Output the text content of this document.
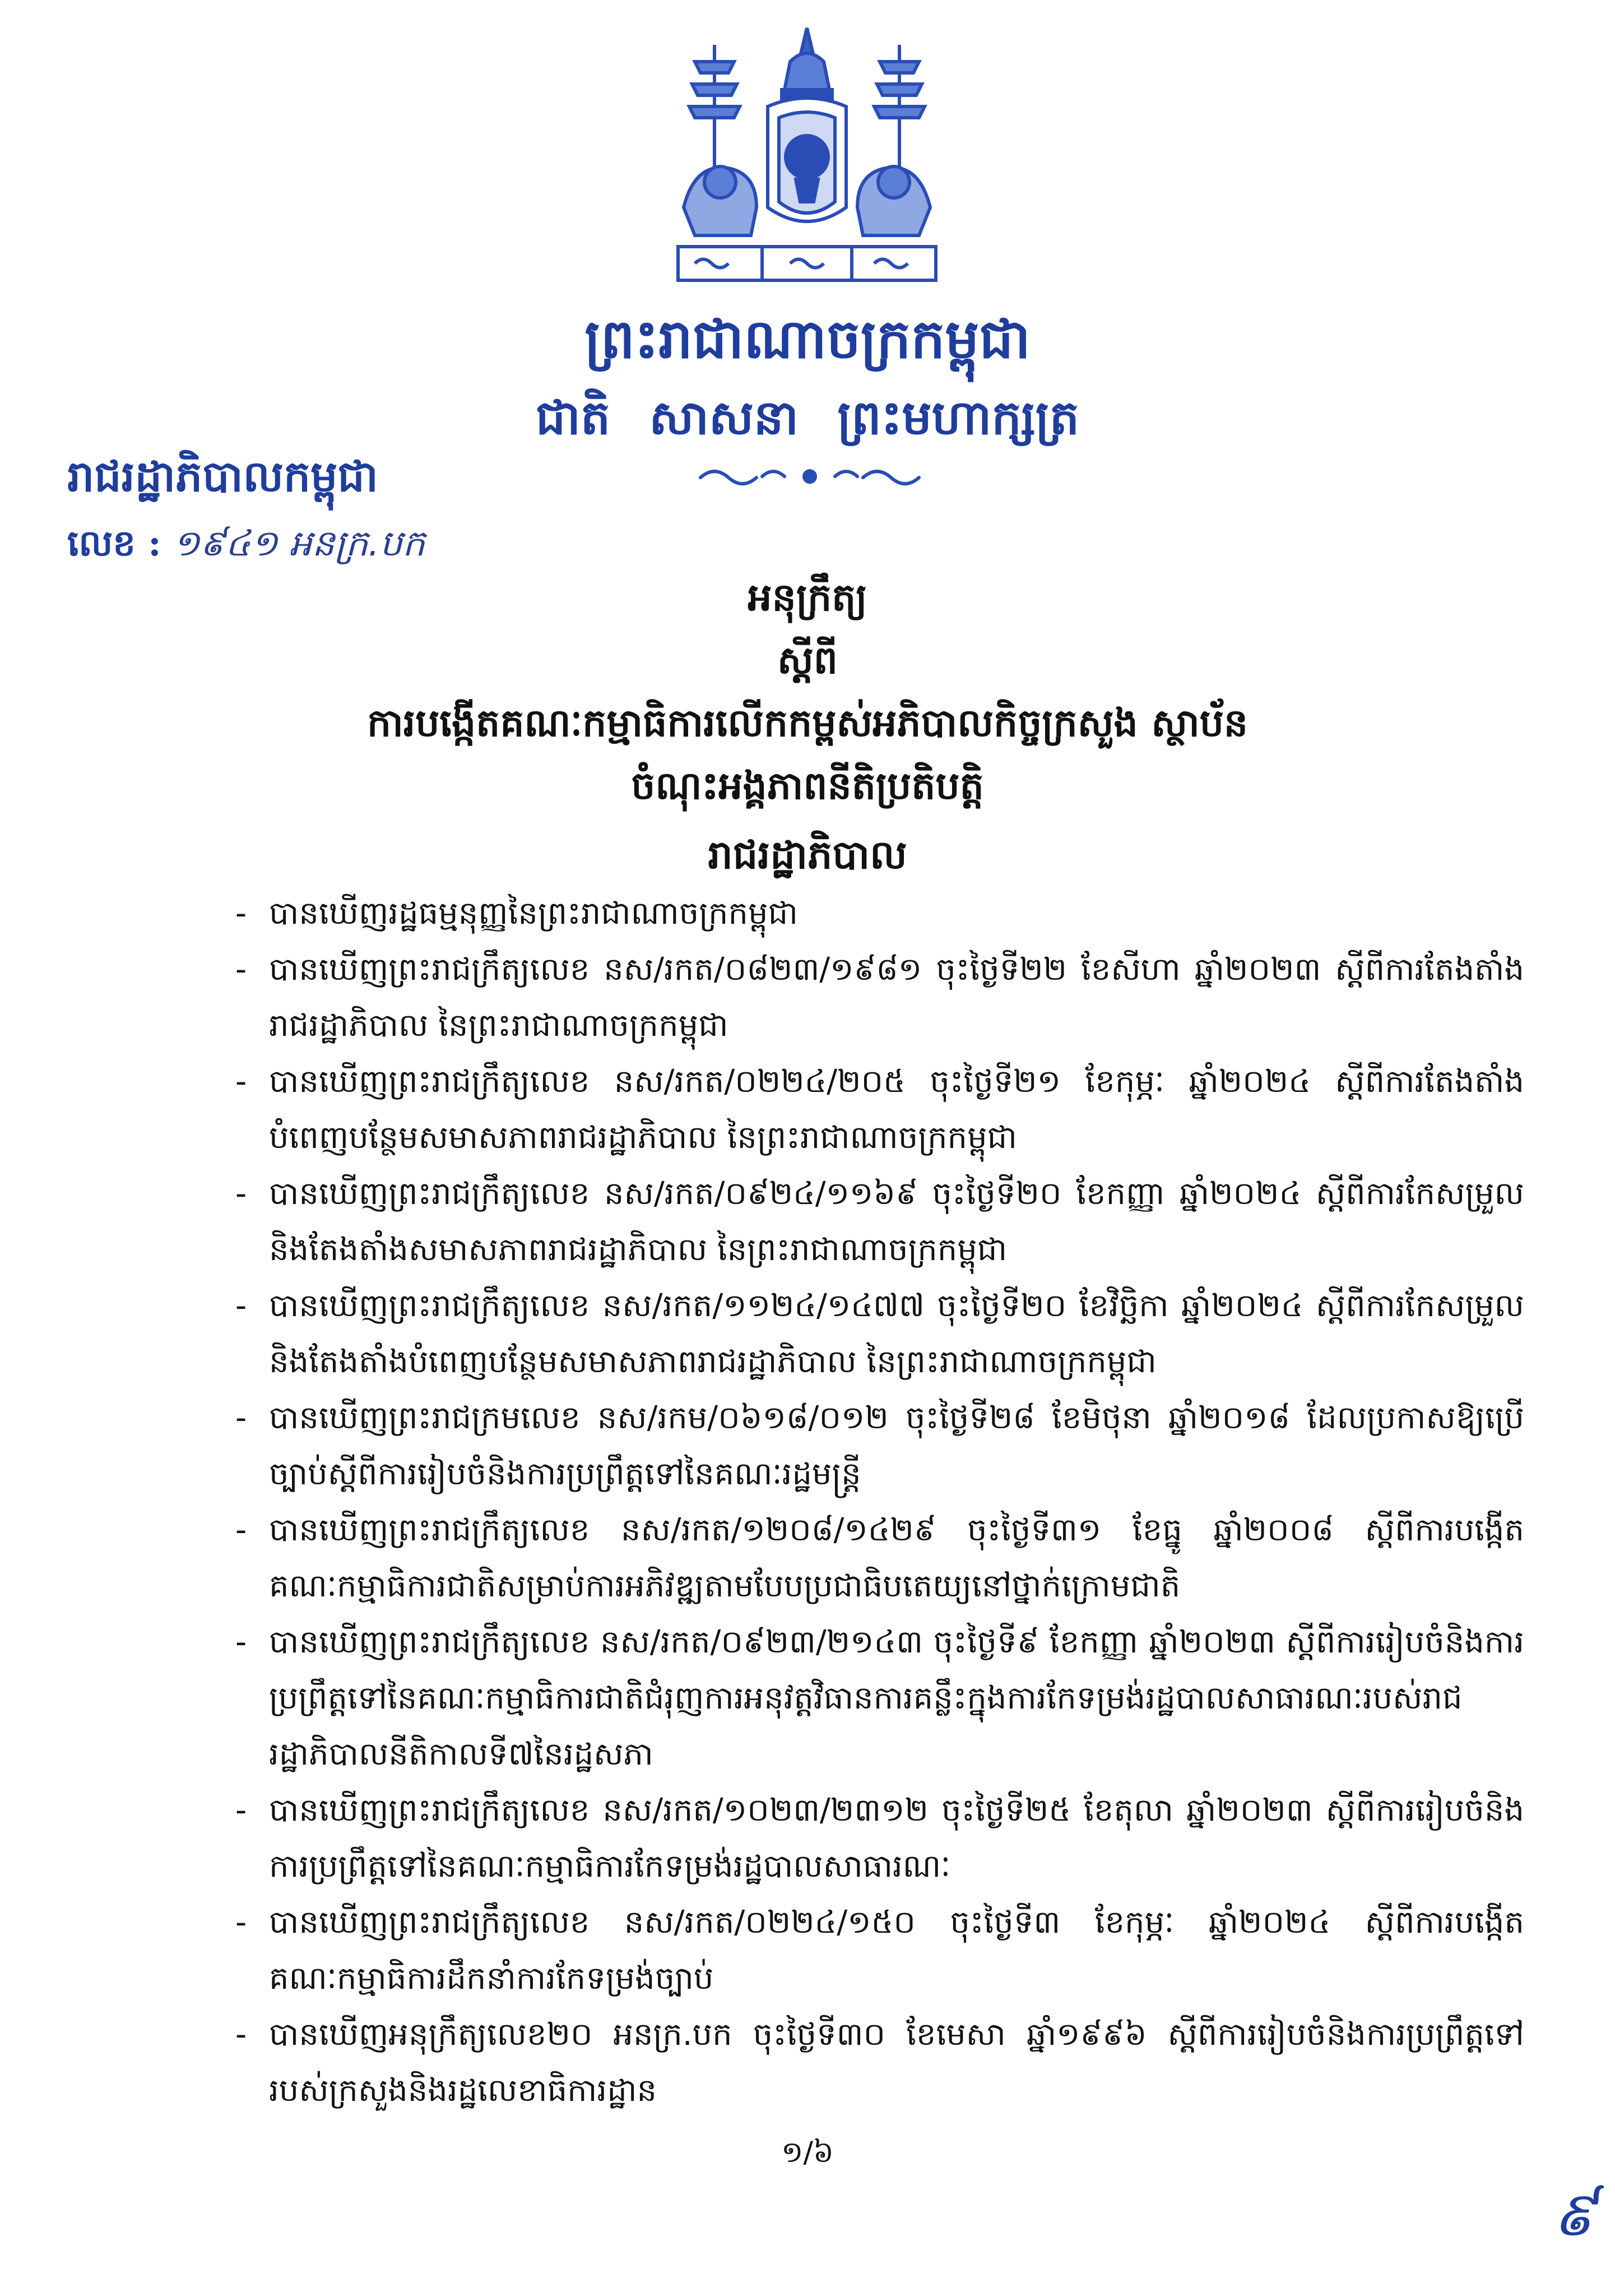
ព្រះរាជាណាចក្រកម្ពុជា
ជាតិ សាសនា ព្រះមហាក្សត្រ
រាជរដ្ឋាភិបាលកម្ពុជា
លេខ : ១៩៤១ អនក្រ.បក
អនុក្រឹត្យ
ស្តីពី
ការបង្កើតគណៈកម្មាធិការលើកកម្ពស់អភិបាលកិច្ចក្រសួង ស្ថាប័ន
ចំណុះអង្គភាពនីតិប្រតិបត្តិ
រាជរដ្ឋាភិបាល
- បានឃើញរដ្ឋធម្មនុញ្ញនៃព្រះរាជាណាចក្រកម្ពុជា
- បានឃើញព្រះរាជក្រឹត្យលេខ នស/រកត/០៨២៣/១៩៨១ ចុះថ្ងៃទី២២ ខែសីហា ឆ្នាំ២០២៣ ស្តីពីការតែងតាំងរាជរដ្ឋាភិបាល នៃព្រះរាជាណាចក្រកម្ពុជា
- បានឃើញព្រះរាជក្រឹត្យលេខ នស/រកត/០២២៤/២០៥ ចុះថ្ងៃទី២១ ខែកុម្ភៈ ឆ្នាំ២០២៤ ស្តីពីការតែងតាំងបំពេញបន្ថែមសមាសភាពរាជរដ្ឋាភិបាល នៃព្រះរាជាណាចក្រកម្ពុជា
- បានឃើញព្រះរាជក្រឹត្យលេខ នស/រកត/០៩២៤/១១៦៩ ចុះថ្ងៃទី២០ ខែកញ្ញា ឆ្នាំ២០២៤ ស្តីពីការកែសម្រួលនិងតែងតាំងសមាសភាពរាជរដ្ឋាភិបាល នៃព្រះរាជាណាចក្រកម្ពុជា
- បានឃើញព្រះរាជក្រឹត្យលេខ នស/រកត/១១២៤/១៤៧៧ ចុះថ្ងៃទី២០ ខែវិច្ឆិកា ឆ្នាំ២០២៤ ស្តីពីការកែសម្រួលនិងតែងតាំងបំពេញបន្ថែមសមាសភាពរាជរដ្ឋាភិបាល នៃព្រះរាជាណាចក្រកម្ពុជា
- បានឃើញព្រះរាជក្រមលេខ នស/រកម/០៦១៨/០១២ ចុះថ្ងៃទី២៨ ខែមិថុនា ឆ្នាំ២០១៨ ដែលប្រកាសឱ្យប្រើច្បាប់ស្តីពីការរៀបចំនិងការប្រព្រឹត្តទៅនៃគណៈរដ្ឋមន្ត្រី
- បានឃើញព្រះរាជក្រឹត្យលេខ នស/រកត/១២០៨/១៤២៩ ចុះថ្ងៃទី៣១ ខែធ្នូ ឆ្នាំ២០០៨ ស្តីពីការបង្កើតគណៈកម្មាធិការជាតិសម្រាប់ការអភិវឌ្ឍតាមបែបប្រជាធិបតេយ្យនៅថ្នាក់ក្រោមជាតិ
- បានឃើញព្រះរាជក្រឹត្យលេខ នស/រកត/០៩២៣/២១៤៣ ចុះថ្ងៃទី៩ ខែកញ្ញា ឆ្នាំ២០២៣ ស្តីពីការរៀបចំនិងការប្រព្រឹត្តទៅនៃគណៈកម្មាធិការជាតិជំរុញការអនុវត្តវិធានការគន្លឹះក្នុងការកែទម្រង់រដ្ឋបាលសាធារណៈរបស់រាជរដ្ឋាភិបាលនីតិកាលទី៧នៃរដ្ឋសភា
- បានឃើញព្រះរាជក្រឹត្យលេខ នស/រកត/១០២៣/២៣១២ ចុះថ្ងៃទី២៥ ខែតុលា ឆ្នាំ២០២៣ ស្តីពីការរៀបចំនិងការប្រព្រឹត្តទៅនៃគណៈកម្មាធិការកែទម្រង់រដ្ឋបាលសាធារណៈ
- បានឃើញព្រះរាជក្រឹត្យលេខ នស/រកត/០២២៤/១៥០ ចុះថ្ងៃទី៣ ខែកុម្ភៈ ឆ្នាំ២០២៤ ស្តីពីការបង្កើតគណៈកម្មាធិការដឹកនាំការកែទម្រង់ច្បាប់
- បានឃើញអនុក្រឹត្យលេខ២០ អនក្រ.បក ចុះថ្ងៃទី៣០ ខែមេសា ឆ្នាំ១៩៩៦ ស្តីពីការរៀបចំនិងការប្រព្រឹត្តទៅរបស់ក្រសួងនិងរដ្ឋលេខាធិការដ្ឋាន
១/៦
៩
